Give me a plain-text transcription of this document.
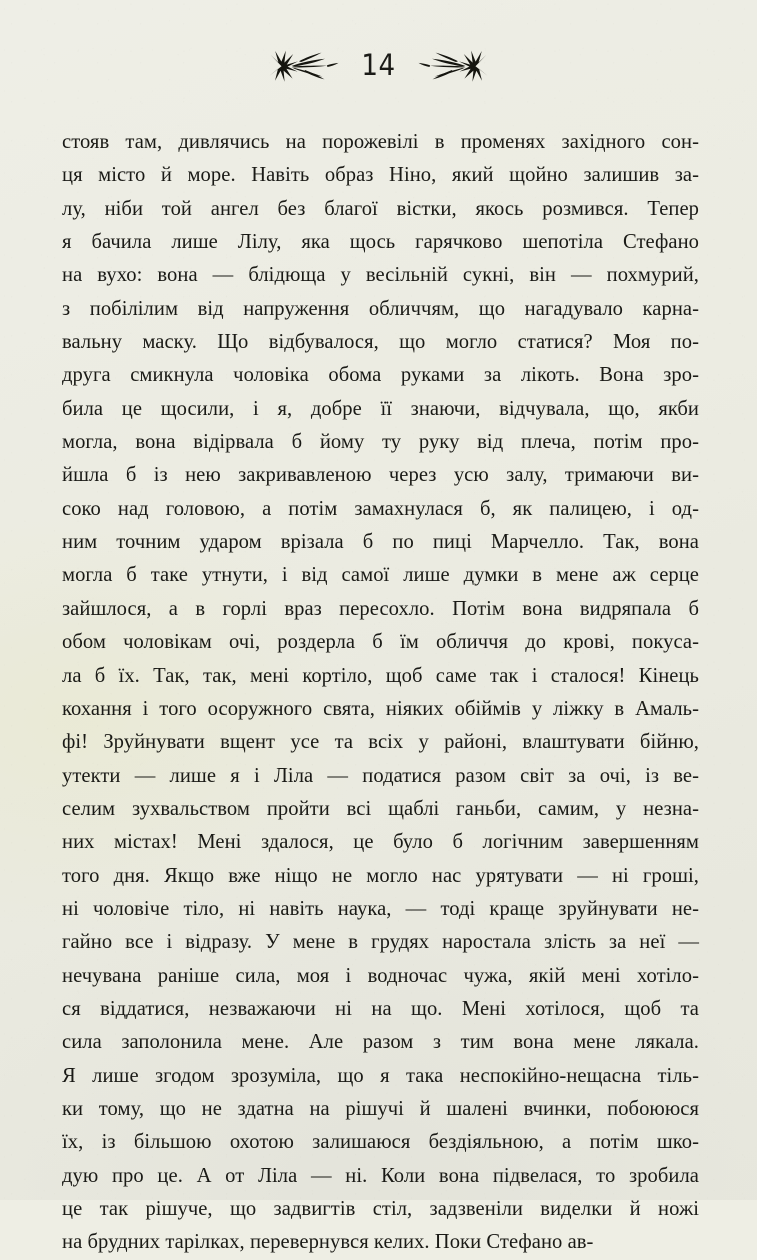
14
стояв там, дивлячись на порожевілі в променях західного сон-
ця місто й море. Навіть образ Ніно, який щойно залишив за-
лу, ніби той ангел без благої вістки, якось розмився. Тепер
я бачила лише Лілу, яка щось гарячково шепотіла Стефано
на вухо: вона — блідюща у весільній сукні, він — похмурий,
з побілілим від напруження обличчям, що нагадувало карна-
вальну маску. Що відбувалося, що могло статися? Моя по-
друга смикнула чоловіка обома руками за лікоть. Вона зро-
била це щосили, і я, добре її знаючи, відчувала, що, якби
могла, вона відірвала б йому ту руку від плеча, потім про-
йшла б із нею закривавленою через усю залу, тримаючи ви-
соко над головою, а потім замахнулася б, як палицею, і од-
ним точним ударом врізала б по пиці Марчелло. Так, вона
могла б таке утнути, і від самої лише думки в мене аж серце
зайшлося, а в горлі враз пересохло. Потім вона видряпала б
обом чоловікам очі, роздерла б їм обличчя до крові, покуса-
ла б їх. Так, так, мені кортіло, щоб саме так і сталося! Кінець
кохання і того осоружного свята, ніяких обіймів у ліжку в Амаль-
фі! Зруйнувати вщент усе та всіх у районі, влаштувати бійню,
утекти — лише я і Ліла — податися разом світ за очі, із ве-
селим зухвальством пройти всі щаблі ганьби, самим, у незна-
них містах! Мені здалося, це було б логічним завершенням
того дня. Якщо вже ніщо не могло нас урятувати — ні гроші,
ні чоловіче тіло, ні навіть наука, — тоді краще зруйнувати не-
гайно все і відразу. У мене в грудях наростала злість за неї —
нечувана раніше сила, моя і водночас чужа, якій мені хотіло-
ся віддатися, незважаючи ні на що. Мені хотілося, щоб та
сила заполонила мене. Але разом з тим вона мене лякала.
Я лише згодом зрозуміла, що я така неспокійно-нещасна тіль-
ки тому, що не здатна на рішучі й шалені вчинки, побоююся
їх, із більшою охотою залишаюся бездіяльною, а потім шко-
дую про це. А от Ліла — ні. Коли вона підвелася, то зробила
це так рішуче, що задвигтів стіл, задзвеніли виделки й ножі
на брудних тарілках, перевернувся келих. Поки Стефано ав-
